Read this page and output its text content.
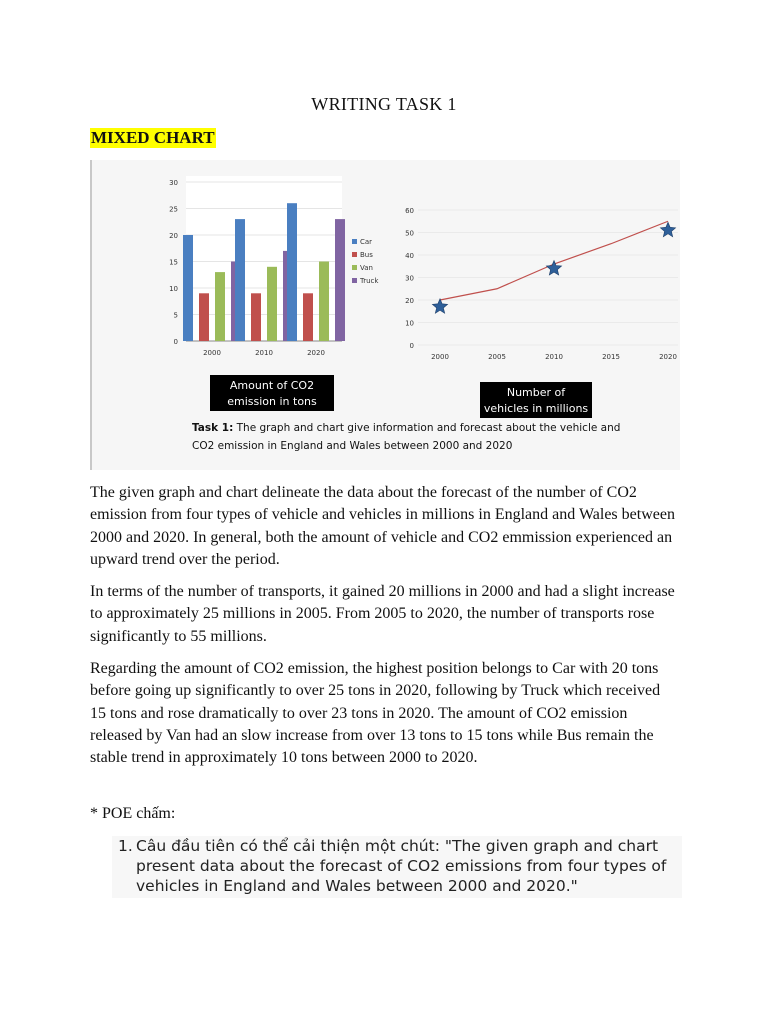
WRITING TASK 1
MIXED CHART
0
5
10
15
20
25
30
2000	2010	2020
Car
Bus
Van
Truck
0
10
20
30
40
50
60
2000	2005	2010	2015	2020
Amount of CO2
emission in tons
Number of
vehicles in millions
Task 1: The graph and chart give information and forecast about the vehicle and
CO2 emission in England and Wales between 2000 and 2020

The given graph and chart delineate the data about the forecast of the number of CO2 emission from four types of vehicle and vehicles in millions in England and Wales between 2000 and 2020. In general, both the amount of vehicle and CO2 emmission experienced an upward trend over the period.

In terms of the number of transports, it gained 20 millions in 2000 and had a slight increase to approximately 25 millions in 2005. From 2005 to 2020, the number of transports rose significantly to 55 millions.

Regarding the amount of CO2 emission, the highest position belongs to Car with 20 tons before going up significantly to over 25 tons in 2020, following by Truck which received 15 tons and rose dramatically to over 23 tons in 2020. The amount of CO2 emission released by Van had an slow increase from over 13 tons to 15 tons while Bus remain the stable trend in approximately 10 tons between 2000 to 2020.

* POE chấm:

1. Câu đầu tiên có thể cải thiện một chút: "The given graph and chart present data about the forecast of CO2 emissions from four types of vehicles in England and Wales between 2000 and 2020."
